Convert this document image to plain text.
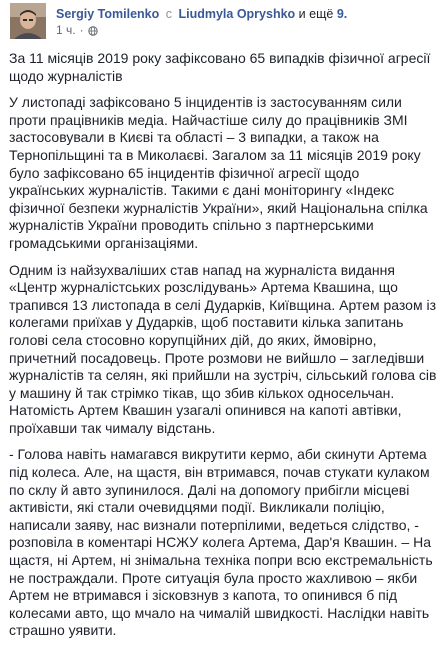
Sergiy Tomilenko с Liudmyla Opryshko и ещё 9.
1 ч. ·

За 11 місяців 2019 року зафіксовано 65 випадків фізичної агресії щодо журналістів

У листопаді зафіксовано 5 інцидентів із застосуванням сили проти працівників медіа. Найчастіше силу до працівників ЗМІ застосовували в Києві та області – 3 випадки, а також на Тернопільщині та в Миколаєві. Загалом за 11 місяців 2019 року було зафіксовано 65 інцидентів фізичної агресії щодо українських журналістів. Такими є дані моніторингу «Індекс фізичної безпеки журналістів України», який Національна спілка журналістів України проводить спільно з партнерськими громадськими організаціями.

Одним із найзухваліших став напад на журналіста видання «Центр журналістських розслідувань» Артема Квашина, що трапився 13 листопада в селі Дударків, Київщина. Артем разом із колегами приїхав у Дударків, щоб поставити кілька запитань голові села стосовно корупційних дій, до яких, ймовірно, причетний посадовець. Проте розмови не вийшло – загледівши журналістів та селян, які прийшли на зустріч, сільський голова сів у машину й так стрімко тікав, що збив кількох односельчан. Натомість Артем Квашин узагалі опинився на капоті автівки, проїхавши так чималу відстань.

- Голова навіть намагався викрутити кермо, аби скинути Артема під колеса. Але, на щастя, він втримався, почав стукати кулаком по склу й авто зупинилося. Далі на допомогу прибігли місцеві активісти, які стали очевидцями події. Викликали поліцію, написали заяву, нас визнали потерпілими, ведеться слідство, - розповіла в коментарі НСЖУ колега Артема, Дар'я Квашин. – На щастя, ні Артем, ні знімальна техніка попри всю екстремальність не постраждали. Проте ситуація була просто жахливою – якби Артем не втримався і зісковзнув з капота, то опинився б під колесами авто, що мчало на чималій швидкості. Наслідки навіть страшно уявити.
